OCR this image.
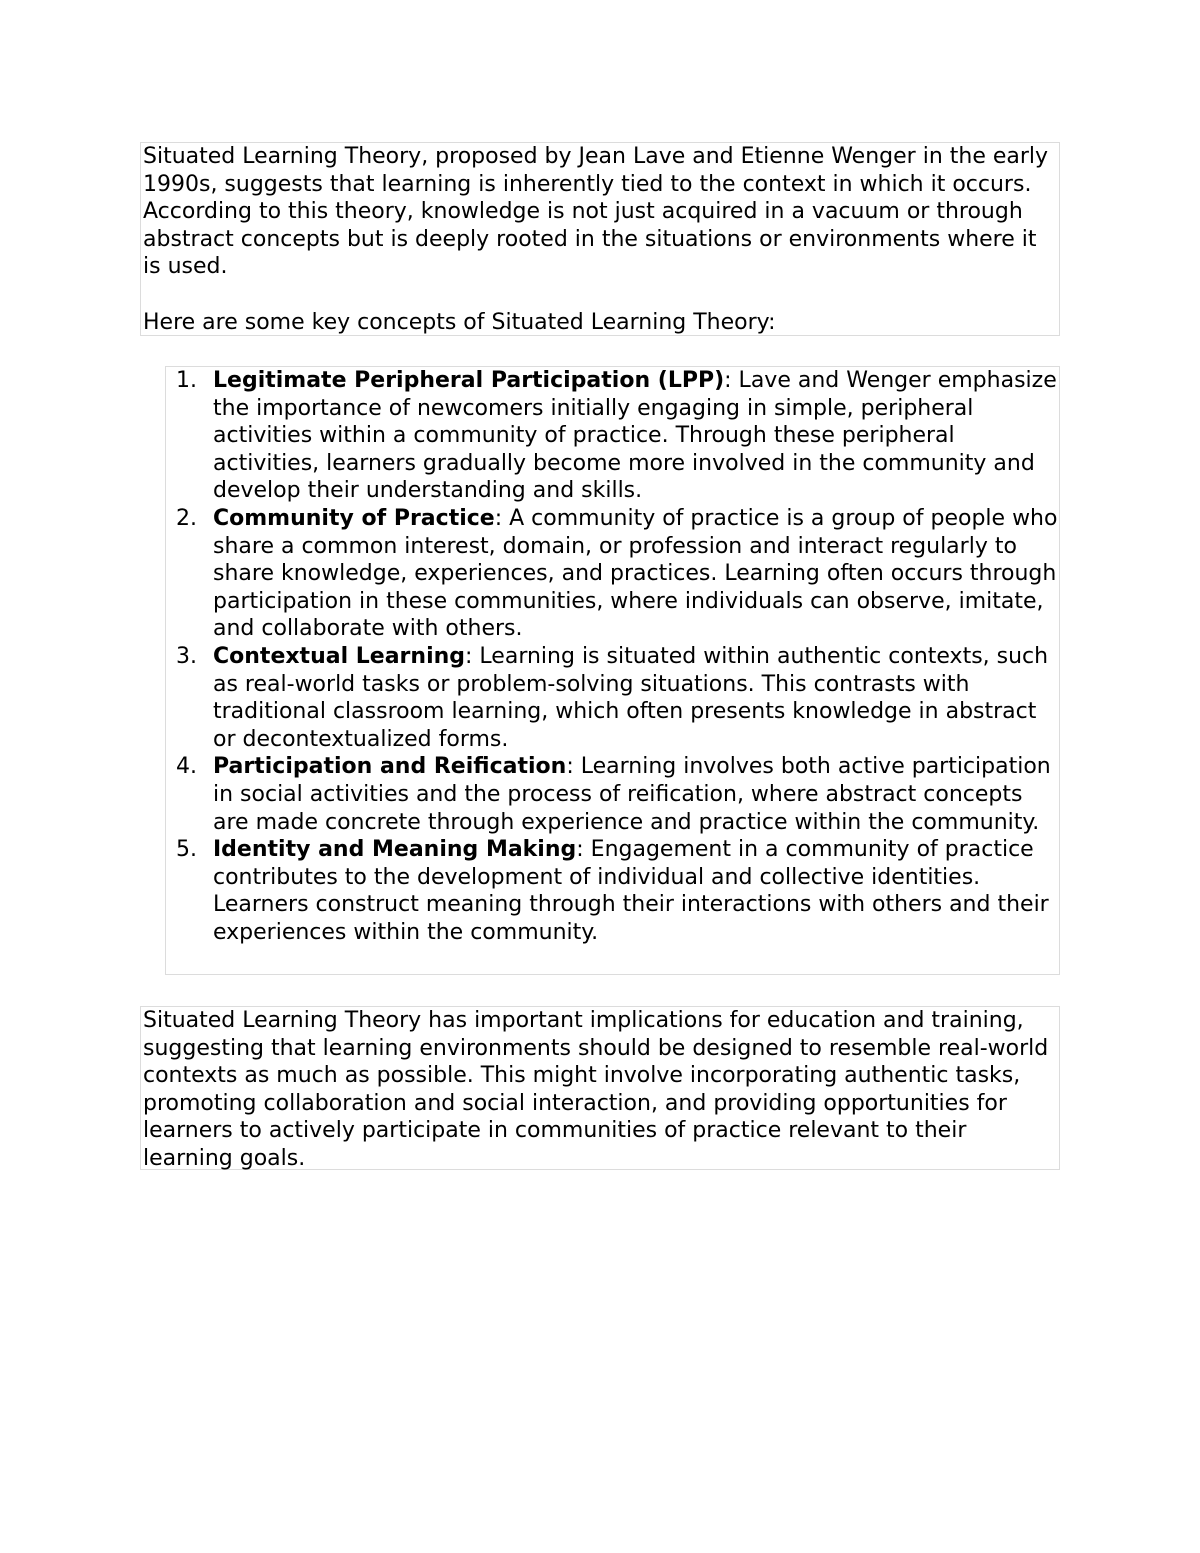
Situated Learning Theory, proposed by Jean Lave and Etienne Wenger in the early 1990s, suggests that learning is inherently tied to the context in which it occurs. According to this theory, knowledge is not just acquired in a vacuum or through abstract concepts but is deeply rooted in the situations or environments where it is used.

Here are some key concepts of Situated Learning Theory:

1. Legitimate Peripheral Participation (LPP): Lave and Wenger emphasize the importance of newcomers initially engaging in simple, peripheral activities within a community of practice. Through these peripheral activities, learners gradually become more involved in the community and develop their understanding and skills.
2. Community of Practice: A community of practice is a group of people who share a common interest, domain, or profession and interact regularly to share knowledge, experiences, and practices. Learning often occurs through participation in these communities, where individuals can observe, imitate, and collaborate with others.
3. Contextual Learning: Learning is situated within authentic contexts, such as real-world tasks or problem-solving situations. This contrasts with traditional classroom learning, which often presents knowledge in abstract or decontextualized forms.
4. Participation and Reification: Learning involves both active participation in social activities and the process of reification, where abstract concepts are made concrete through experience and practice within the community.
5. Identity and Meaning Making: Engagement in a community of practice contributes to the development of individual and collective identities. Learners construct meaning through their interactions with others and their experiences within the community.

Situated Learning Theory has important implications for education and training, suggesting that learning environments should be designed to resemble real-world contexts as much as possible. This might involve incorporating authentic tasks, promoting collaboration and social interaction, and providing opportunities for learners to actively participate in communities of practice relevant to their learning goals.
